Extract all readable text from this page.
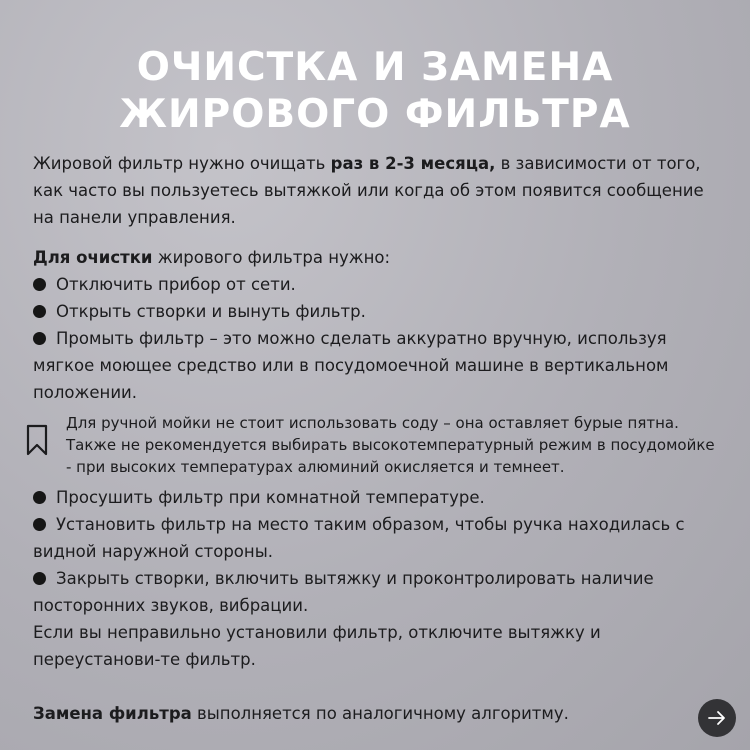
ОЧИСТКА И ЗАМЕНА
ЖИРОВОГО ФИЛЬТРА

Жировой фильтр нужно очищать раз в 2-3 месяца, в зависимости от того, как часто вы пользуетесь вытяжкой или когда об этом появится сообщение на панели управления.

Для очистки жирового фильтра нужно:

Отключить прибор от сети.

Открыть створки и вынуть фильтр.

Промыть фильтр – это можно сделать аккуратно вручную, используя мягкое моющее средство или в посудомоечной машине в вертикальном положении.

Для ручной мойки не стоит использовать соду – она оставляет бурые пятна. Также не рекомендуется выбирать высокотемпературный режим в посудомойке - при высоких температурах алюминий окисляется и темнеет.

Просушить фильтр при комнатной температуре.

Установить фильтр на место таким образом, чтобы ручка находилась с видной наружной стороны.

Закрыть створки, включить вытяжку и проконтролировать наличие посторонних звуков, вибрации.

Если вы неправильно установили фильтр, отключите вытяжку и переустанови-те фильтр.

Замена фильтра выполняется по аналогичному алгоритму.
